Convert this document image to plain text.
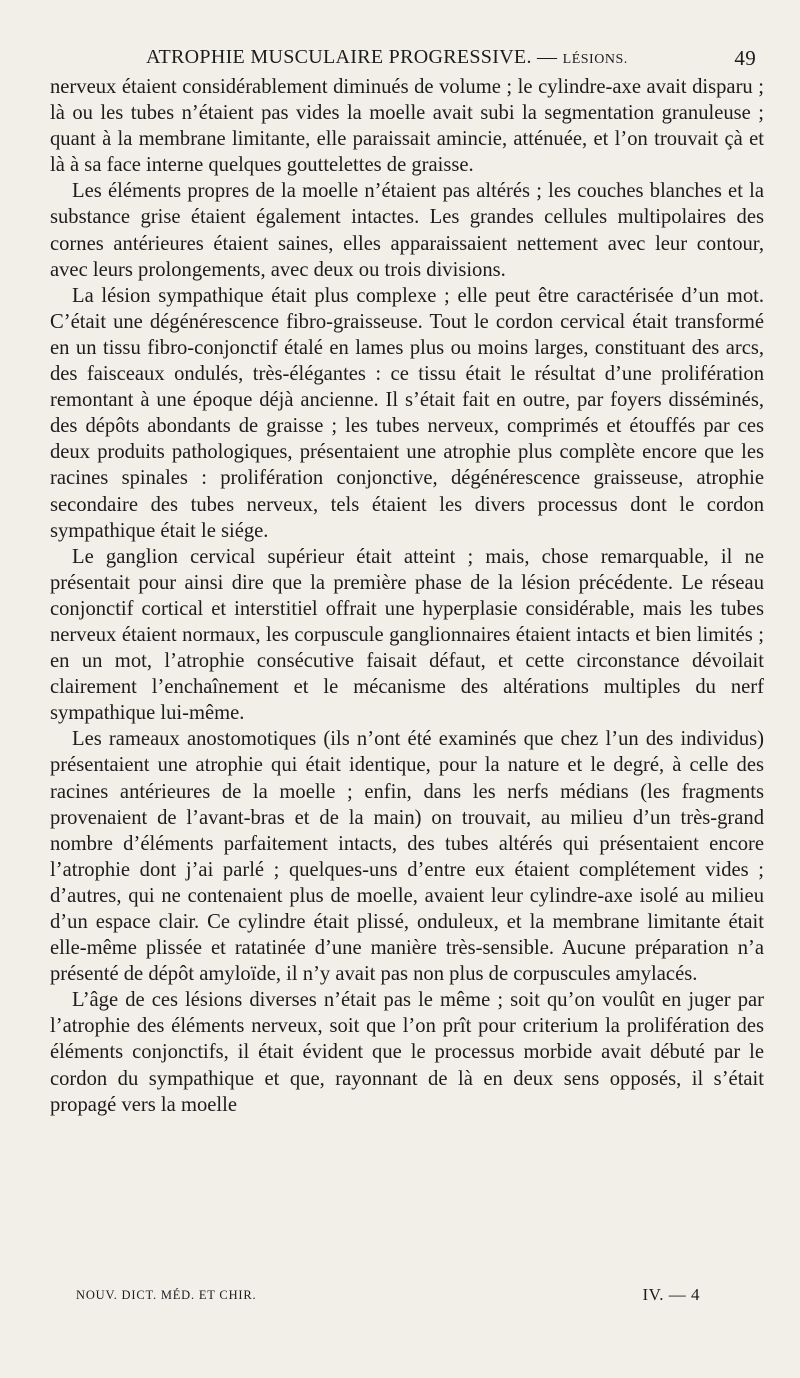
ATROPHIE MUSCULAIRE PROGRESSIVE. — LÉSIONS.	49

nerveux étaient considérablement diminués de volume ; le cylindre-axe avait disparu ; là ou les tubes n’étaient pas vides la moelle avait subi la segmentation granuleuse ; quant à la membrane limitante, elle paraissait amincie, atténuée, et l’on trouvait çà et là à sa face interne quelques gouttelettes de graisse.

Les éléments propres de la moelle n’étaient pas altérés ; les couches blanches et la substance grise étaient également intactes. Les grandes cellules multipolaires des cornes antérieures étaient saines, elles apparaissaient nettement avec leur contour, avec leurs prolongements, avec deux ou trois divisions.

La lésion sympathique était plus complexe ; elle peut être caractérisée d’un mot. C’était une dégénérescence fibro-graisseuse. Tout le cordon cervical était transformé en un tissu fibro-conjonctif étalé en lames plus ou moins larges, constituant des arcs, des faisceaux ondulés, très-élégantes : ce tissu était le résultat d’une prolifération remontant à une époque déjà ancienne. Il s’était fait en outre, par foyers disséminés, des dépôts abondants de graisse ; les tubes nerveux, comprimés et étouffés par ces deux produits pathologiques, présentaient une atrophie plus complète encore que les racines spinales : prolifération conjonctive, dégénérescence graisseuse, atrophie secondaire des tubes nerveux, tels étaient les divers processus dont le cordon sympathique était le siége.

Le ganglion cervical supérieur était atteint ; mais, chose remarquable, il ne présentait pour ainsi dire que la première phase de la lésion précédente. Le réseau conjonctif cortical et interstitiel offrait une hyperplasie considérable, mais les tubes nerveux étaient normaux, les corpuscule ganglionnaires étaient intacts et bien limités ; en un mot, l’atrophie consécutive faisait défaut, et cette circonstance dévoilait clairement l’enchaînement et le mécanisme des altérations multiples du nerf sympathique lui-même.

Les rameaux anostomotiques (ils n’ont été examinés que chez l’un des individus) présentaient une atrophie qui était identique, pour la nature et le degré, à celle des racines antérieures de la moelle ; enfin, dans les nerfs médians (les fragments provenaient de l’avant-bras et de la main) on trouvait, au milieu d’un très-grand nombre d’éléments parfaitement intacts, des tubes altérés qui présentaient encore l’atrophie dont j’ai parlé ; quelques-uns d’entre eux étaient complétement vides ; d’autres, qui ne contenaient plus de moelle, avaient leur cylindre-axe isolé au milieu d’un espace clair. Ce cylindre était plissé, onduleux, et la membrane limitante était elle-même plissée et ratatinée d’une manière très-sensible. Aucune préparation n’a présenté de dépôt amyloïde, il n’y avait pas non plus de corpuscules amylacés.

L’âge de ces lésions diverses n’était pas le même ; soit qu’on voulût en juger par l’atrophie des éléments nerveux, soit que l’on prît pour criterium la prolifération des éléments conjonctifs, il était évident que le processus morbide avait débuté par le cordon du sympathique et que, rayonnant de là en deux sens opposés, il s’était propagé vers la moelle

NOUV. DICT. MÉD. ET CHIR.	IV. — 4
